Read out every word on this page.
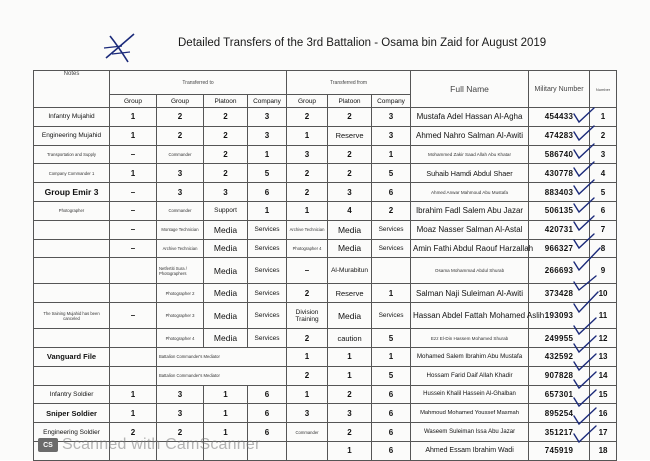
Detailed Transfers of the 3rd Battalion - Osama bin Zaid for August 2019
Notes	Transferred to				Transferred from			Full Name	Military Number	Number
	Group	Group	Platoon	Company	Group	Platoon	Company			
Infantry Mujahid	1	2	2	3	2	2	3	Mustafa Adel Hassan Al-Agha	454433	1
Engineering Mujahid	1	2	2	3	1	Reserve	3	Ahmed Nahro Salman Al-Awiti	474283	2
Transportation and Supply	–	Commander	2	1	3	2	1	Mohammed Zakir Saad Allah Abu Khatar	586740	3
Company Commander 1	1	3	2	5	2	2	5	Suhaib Hamdi Abdul Shaer	430778	4
Group Emir 3	–	3	3	6	2	3	6	Ahmed Anwar Mahmoud Abu Mustafa	883403	5
Photographer	–	Commander	Support	1	1	4	2	Ibrahim Fadl Salem Abu Jazar	506135	6
	–	Montage Technician	Media	Services	Archive Technician	Media	Services	Moaz Nasser Salman Al-Astal	420731	7
	–	Archive Technician	Media	Services	Photographer 4	Media	Services	Amin Fathi Abdul Raouf Harzallah	966327	8
		Netfertiti Sura / Photographers	Media	Services	–	Al-Murabitun		Osama Mohammad Abdul Shurab	266693	9
		Photographer 2	Media	Services	2	Reserve	1	Salman Naji Suleiman Al-Awiti	373428	10
The training Mujahid has been canceled	–	Photographer 3	Media	Services	Division Training	Media	Services	Hassan Abdel Fattah Mohamed Aslih	193093	11
		Photographer 4	Media	Services	2	caution	5	Ezz El-Din Hassem Mohamed Shurab	249955	12
Vanguard File		Battalion Commander's Mediator			1	1	1	Mohamed Salem Ibrahim Abu Mustafa	432592	13
		Battalion Commander's Mediator			2	1	5	Hossam Farid Daif Allah Khadir	907828	14
Infantry Soldier	1	3	1	6	1	2	6	Hussein Khalil Hassein Al-Ghalban	657301	15
Sniper Soldier	1	3	1	6	3	3	6	Mahmoud Mohamed Youssef Masmah	895254	16
Engineering Soldier	2	2	1	6	Commander	2	6	Waseem Suleiman Issa Abu Jazar	351217	17
						1	6	Ahmed Essam Ibrahim Wadi	745919	18
CS Scanned with CamScanner
